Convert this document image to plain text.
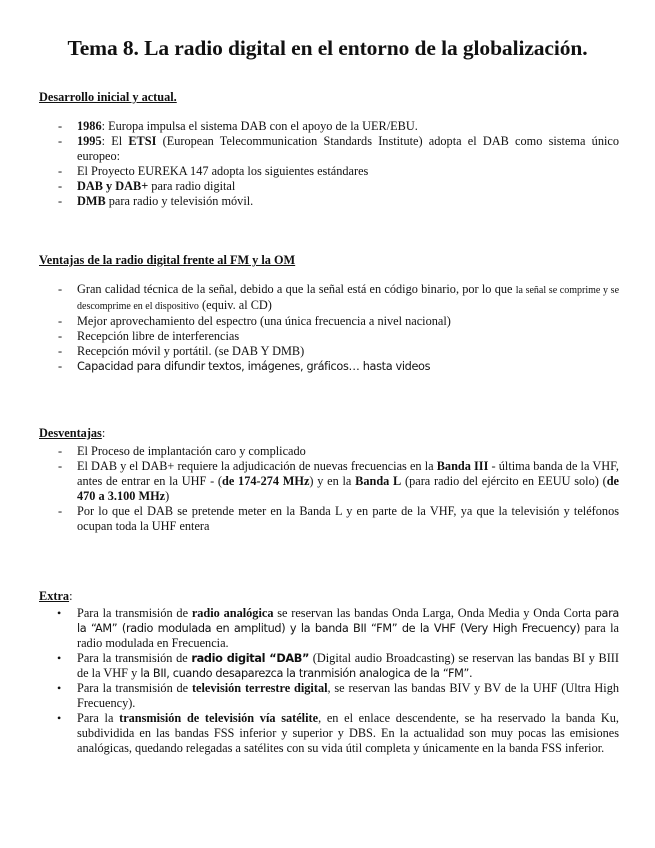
Tema 8. La radio digital en el entorno de la globalización.

Desarrollo inicial y actual.

- 1986: Europa impulsa el sistema DAB con el apoyo de la UER/EBU.
- 1995: El ETSI (European Telecommunication Standards Institute) adopta el DAB como sistema único europeo:
- El Proyecto EUREKA 147 adopta los siguientes estándares
- DAB y DAB+ para radio digital
- DMB para radio y televisión móvil.

Ventajas de la radio digital frente al FM y la OM

- Gran calidad técnica de la señal, debido a que la señal está en código binario, por lo que la señal se comprime y se descomprime en el dispositivo (equiv. al CD)
- Mejor aprovechamiento del espectro (una única frecuencia a nivel nacional)
- Recepción libre de interferencias
- Recepción móvil y portátil. (se DAB Y DMB)
- Capacidad para difundir textos, imágenes, gráficos… hasta videos

Desventajas:

- El Proceso de implantación caro y complicado
- El DAB y el DAB+ requiere la adjudicación de nuevas frecuencias en la Banda III - última banda de la VHF, antes de entrar en la UHF - (de 174-274 MHz) y en la Banda L (para radio del ejército en EEUU solo) (de 470 a 3.100 MHz)
- Por lo que el DAB se pretende meter en la Banda L y en parte de la VHF, ya que la televisión y teléfonos ocupan toda la UHF entera

Extra:

• Para la transmisión de radio analógica se reservan las bandas Onda Larga, Onda Media y Onda Corta para la “AM” (radio modulada en amplitud) y la banda BII “FM” de la VHF (Very High Frecuency) para la radio modulada en Frecuencia.
• Para la transmisión de radio digital “DAB” (Digital audio Broadcasting) se reservan las bandas BI y BIII de la VHF y la BII, cuando desaparezca la tranmisión analogica de la “FM”.
• Para la transmisión de televisión terrestre digital, se reservan las bandas BIV y BV de la UHF (Ultra High Frecuency).
• Para la transmisión de televisión vía satélite, en el enlace descendente, se ha reservado la banda Ku, subdividida en las bandas FSS inferior y superior y DBS. En la actualidad son muy pocas las emisiones analógicas, quedando relegadas a satélites con su vida útil completa y únicamente en la banda FSS inferior.
